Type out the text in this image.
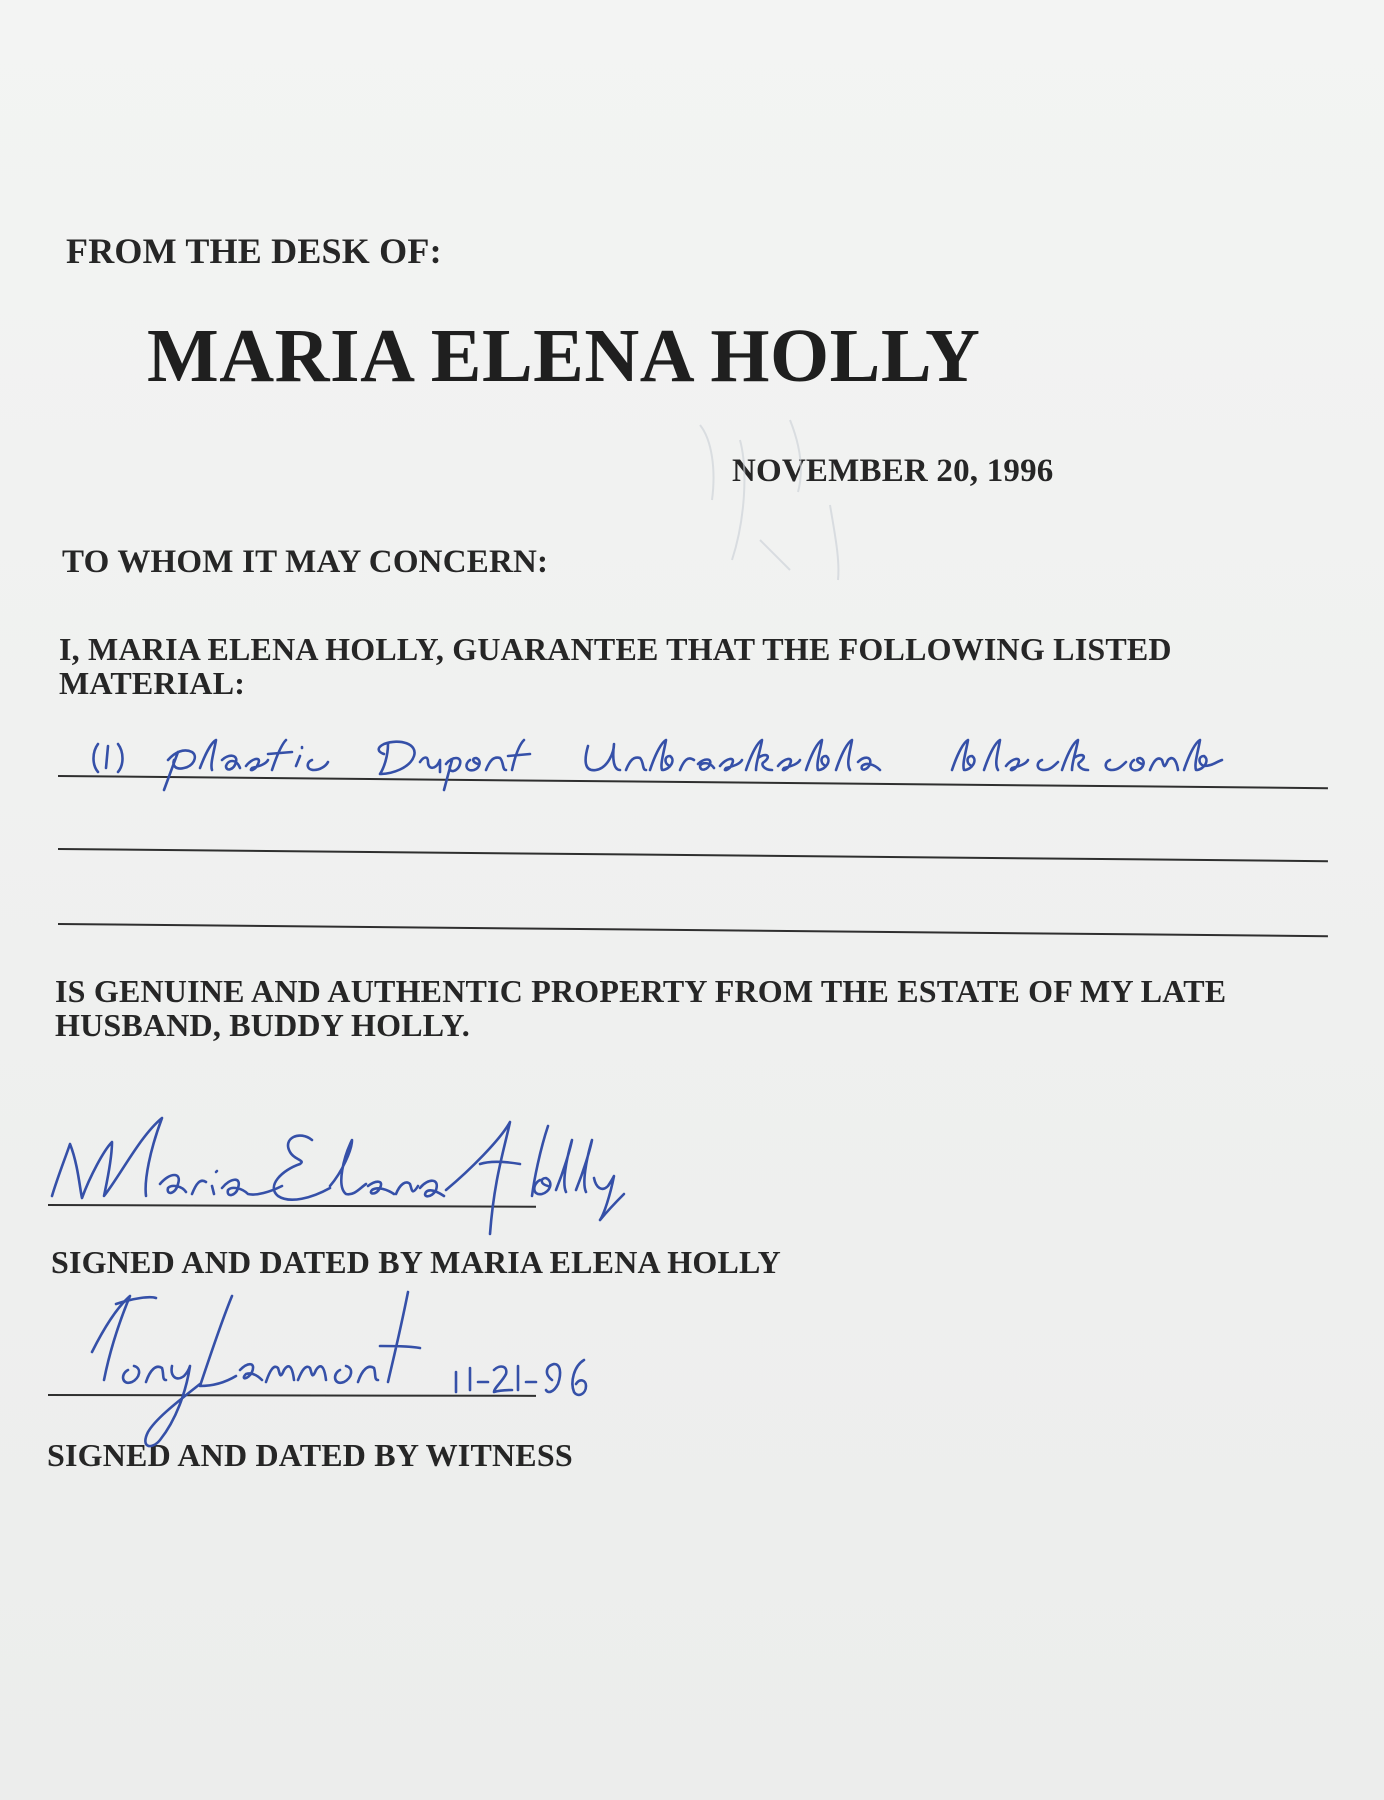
FROM THE DESK OF:

MARIA ELENA HOLLY

NOVEMBER 20, 1996

TO WHOM IT MAY CONCERN:

I, MARIA ELENA HOLLY, GUARANTEE THAT THE FOLLOWING LISTED
MATERIAL:
IS GENUINE AND AUTHENTIC PROPERTY FROM THE ESTATE OF MY LATE
HUSBAND, BUDDY HOLLY.

SIGNED AND DATED BY MARIA ELENA HOLLY

SIGNED AND DATED BY WITNESS
